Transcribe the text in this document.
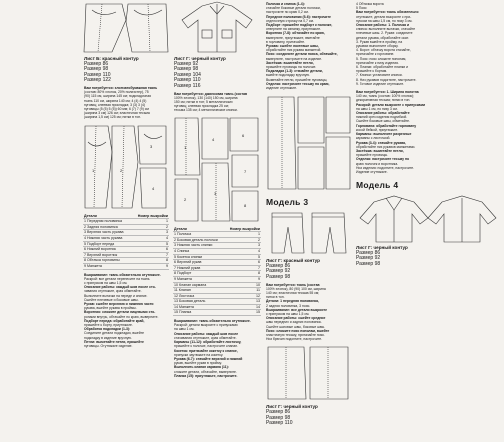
Лист Б: красный контур
Размер 86
Размер 98
Размер 110
Размер 122
Вам потребуется: хлопчатобумажная ткань
(состав: 80% хлопок, 20% полиэстер), 75
(90) 115 см, ширина 145 см; подкладочная
ткань 110 см, ширина 140 см; 4 (4) 4 (5)
пуговиц; клеевая прокладка; 3 (3) 3 (4)
пуговицы (5 (5) 5 (5)) 60 мм; 6 (7) 7 (9) см
(ширина 3 см) 126 см; эластичная тесьма
(ширина 1,5 см) 125 см; нитки в тон.
1	2
3
4
Детали	Номер выкройки
1 Передняя половинка	1
2 Задняя половинка	2
3 Верхняя часть рукава	3
4 Нижняя часть рукава	4
5 Подборт переда	5
6 Нижний воротник	6
7 Верхний воротник	7
8 Обтачка горловины	8
9 Манжета	9
Выкраивание: ткань обязательно отутюжьте.
Раскрой: все детали перенесите на ткань
с припуском на швы 1,5 см.
Описание работы: каждый шов после сто-
чивания отутюжьте, края обметайте.
Выполните вытачки на переде и спинке.
Сшейте плечевые и боковые швы.
Рукав: сшейте верхнюю и нижнюю части
рукава, вшейте рукава в проймы.
Воротник: сложите детали лицевыми сто-
ронами внутрь, обтачайте по краю, выверните.
Подборт переда: обработайте край,
пришейте к борту, приутюжьте.
Обработка подкладки (1-3):
Соедините детали подкладки, вшейте
подкладку в изделие вручную.
Петли: выметайте петли, пришейте
пуговицы. Отутюжьте изделие.
Лист Г: черный контур
Размер 92
Размер 98
Размер 104
Размер 110
Размер 116
Вам потребуется: джинсовая ткань (состав
100% хлопок), 130 (140) 150 см, ширина
150 см; нитки в тон; 5 металлических
пуговиц; клеевая прокладка 25 см;
тесьма 135 см; 4 металлические кнопки.
1
4
6
3
7
8
2
Детали	Номер выкройки
1 Полочка	1
2 Боковая деталь полочки	2
3 Нижняя часть спинки	3
4 Спинка	4
5 Кокетка спинки	5
6 Верхний рукав	6
7 Нижний рукав	7
8 Подборт	8
9 Манжета	9
10 Клапан кармана	10
11 Клапан	11
12 Листочка	12
13 Боковая деталь	13
14 Манжета	14
15 Планка	15
Выкраивание: ткань обязательно отутюжьте.
Раскрой: детали выкроите с припусками
на швы 1 см.
Описание работы: каждый шов после
стачивания отутюжьте, края обметайте.
Карманы (11-12): обработайте листочку,
пришейте к полочке, настрочите клапан.
Кокетка: притачайте кокетку к спинке,
припуски заутюжьте на кокетку.
Рукава (6-7): стачайте верхний и нижний
рукав, вшейте рукав в пройму.
Выполнить клапан кармана (11):
сложите детали, обтачайте, выверните.
Планка (15): приутюжьте, настрочите.
Полочка и спинка (1-4):
стачайте боковые детали полочки,
настрочите по краю 0,2 см.
Передние половинки (5-6): настрочите
отделочную строчку на 0,7 см.
Подборт: пришейте подборт к полочке,
отверните на изнанку, приутюжьте.
Воротник (7-8): обтачайте по краю,
выверните, приутюжьте, вметайте
в горловину, притачайте.
Рукава: сшейте локтевые швы,
обработайте низ рукава манжетой.
Пояс: соедините детали пояса, обтачайте,
выверните, настрочите на изделие.
Застёжка: выметайте петли,
пришейте пуговицы на полочке.
Подкладка (1-3): стачайте детали,
вшейте подкладку вручную.
Выметайте петли, пришейте пуговицы,
Отделка: настрочите тесьму по краю,
изделие отутюжьте.
Модель 3
Лист Г: красный контур
Размер 86
Размер 92
Размер 98
Вам потребуется: ткань (состав
100% хлопок), 80 (90) 100 см, ширина
140 см; эластичная тесьма 55 см;
нитки в тон.
Детали: 1 передняя половинка,
2 задняя половинка, 3 пояс.
Выкраивание: все детали выкроите
с припуском на швы 1,5 см.
Описание работы: сшейте средние
швы передних и задних половинок.
Сшейте шаговые швы, боковые швы.
Пояс: сложите пояс пополам, вшейте
эластичную тесьму, притачайте пояс.
Низ брючин подогните, настрочите.
Лист Г: черный контур
Размер 86
Размер 98
Размер 110
4 Обтачка ворота
5 Пояс
Вам потребуется: ткань обязательно
отутюжьте, детали выкроите с при-
пуском на швы 1,5 см, по низу 3 см.
Описание работы: 1. Полочка и
спинка: выполните вытачки, стачайте
плечевые швы. 2. Рукав: соедините
детали рукава, обработайте окат.
3. Рукав вшейте в пройму, на
рукавах выполните сборку.
4. Ворот: обтачку ворота стачайте,
притачайте к горловине.
5. Пояс: пояс сложите пополам,
притачайте к низу изделия.
6. Планки: обработайте планки и
пришейте к бортам.
7. Кнопки: установите кнопки.
8. Низ рукавов подогните, настрочите.
9. Готовое изделие отутюжьте.
Вам потребуется: 1. Ширина полотна
140 см, ткань (состав: 100% хлопок);
декоративная тесьма; нитки в тон.
Раскрой: детали выкроите с припусками
на швы 1 см, по низу 3 см.
Описание работы: обработайте
нижний срез изделия подгибкой.
Сшейте боковые швы, обметайте.
Горловина: обработайте горловину
косой бейкой, приутюжьте.
Карманы: выполните разрезные
карманы с листочкой.
Рукава (3-4): стачайте рукава,
обработайте низ рукавов манжетами.
Застёжка: выметайте петли,
пришейте пуговицы.
Отделка: настрочите тесьму по
краю полочек и воротника.
Низ изделия: подогните, настрочите.
Изделие отутюжьте.
Модель 4
Лист Г: черный контур
Размер 86
Размер 92
Размер 98
